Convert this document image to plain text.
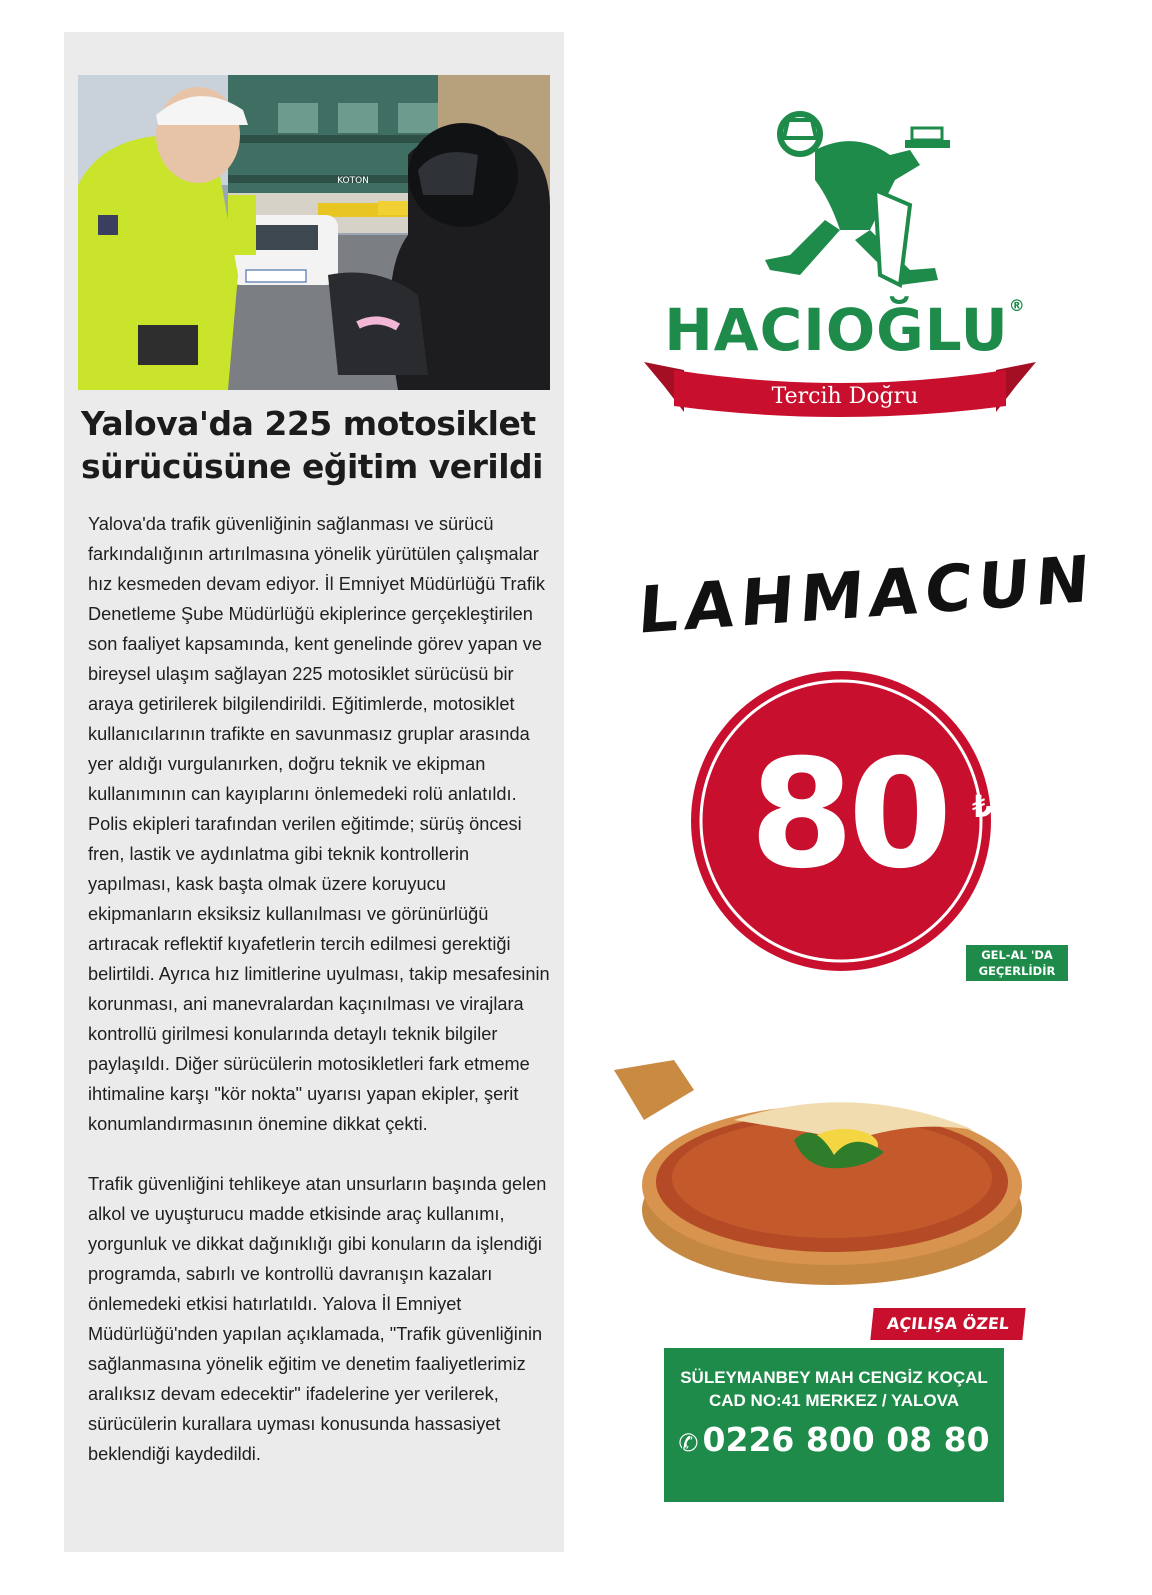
KOTON
Yalova'da 225 motosiklet sürücüsüne eğitim verildi

Yalova'da trafik güvenliğinin sağlanması ve sürücü farkındalığının artırılmasına yönelik yürütülen çalışmalar hız kesmeden devam ediyor. İl Emniyet Müdürlüğü Trafik Denetleme Şube Müdürlüğü ekiplerince gerçekleştirilen son faaliyet kapsamında, kent genelinde görev yapan ve bireysel ulaşım sağlayan 225 motosiklet sürücüsü bir araya getirilerek bilgilendirildi. Eğitimlerde, motosiklet kullanıcılarının trafikte en savunmasız gruplar arasında yer aldığı vurgulanırken, doğru teknik ve ekipman kullanımının can kayıplarını önlemedeki rolü anlatıldı. Polis ekipleri tarafından verilen eğitimde; sürüş öncesi fren, lastik ve aydınlatma gibi teknik kontrollerin yapılması, kask başta olmak üzere koruyucu ekipmanların eksiksiz kullanılması ve görünürlüğü artıracak reflektif kıyafetlerin tercih edilmesi gerektiği belirtildi. Ayrıca hız limitlerine uyulması, takip mesafesinin korunması, ani manevralardan kaçınılması ve virajlara kontrollü girilmesi konularında detaylı teknik bilgiler paylaşıldı. Diğer sürücülerin motosikletleri fark etmeme ihtimaline karşı "kör nokta" uyarısı yapan ekipler, şerit konumlandırmasının önemine dikkat çekti.

Trafik güvenliğini tehlikeye atan unsurların başında gelen alkol ve uyuşturucu madde etkisinde araç kullanımı, yorgunluk ve dikkat dağınıklığı gibi konuların da işlendiği programda, sabırlı ve kontrollü davranışın kazaları önlemedeki etkisi hatırlatıldı. Yalova İl Emniyet Müdürlüğü'nden yapılan açıklamada, "Trafik güvenliğinin sağlanmasına yönelik eğitim ve denetim faaliyetlerimiz aralıksız devam edecektir" ifadelerine yer verilerek, sürücülerin kurallara uyması konusunda hassasiyet beklendiği kaydedildi.

HACIOĞLU®
Tercih Doğru
LAHMACUN
80 ₺
GEL-AL 'DA GEÇERLİDİR
AÇILIŞA ÖZEL
SÜLEYMANBEY MAH CENGİZ KOÇAL CAD NO:41 MERKEZ / YALOVA
✆ 0226 800 08 80
